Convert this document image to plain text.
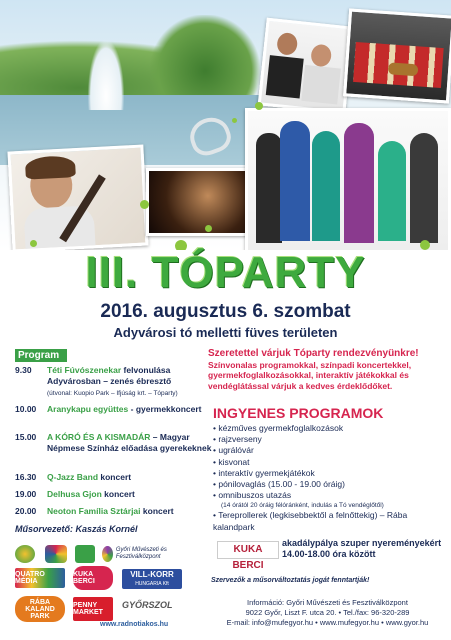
III. TÓPARTY
2016. augusztus 6. szombat
Adyvárosi tó melletti füves területen
Program
9.30 Téti Fúvószenekar felvonulása Adyvárosban – zenés ébresztő
(útvonal: Kuopio Park – Ifjúság krt. – Tóparty)
10.00 Aranykapu együttes - gyermekkoncert
15.00 A KÓRÓ ÉS A KISMADÁR – Magyar Népmese Színház előadása gyerekeknek
16.30 Q-Jazz Band koncert
19.00 Delhusa Gjon koncert
20.00 Neoton Família Sztárjai koncert
Műsorvezető: Kaszás Kornél
Szeretettel várjuk Tóparty rendezvényünkre!
Színvonalas programokkal, színpadi koncertekkel, gyermekfoglalkozásokkal, interaktív játékokkal és vendéglátással várjuk a kedves érdeklődőket.
INGYENES PROGRAMOK
• kézműves gyermekfoglalkozások
• rajzverseny
• ugrálóvár
• kisvonat
• interaktív gyermekjátékok
• pónilovaglás (15.00 - 19.00 óráig)
• omnibuszos utazás
(14 órától 20 óráig félóránként, indulás a Tó vendéglőtől)
• Tereprollerek (legkisebbektől a felnőttekig) – Rába kalandpark
KUKA BERCI
akadálypálya szuper nyereményekért 14.00-18.00 óra között
Szervezők a műsorváltoztatás jogát fenntartják!
Információ: Győri Művészeti és Fesztiválközpont
9022 Győr, Liszt F. utca 20. • Tel./fax: 96-320-289
E-mail: info@mufegyor.hu • www.mufegyor.hu • www.gyor.hu
Győri Művészeti és Fesztiválközpont
QUATRO MÉDIA
KUKA BERCI
VILL-KORR
HUNGARIA Kft
RÁBA KALAND PARK
PENNY MARKET
GYŐRSZOL
www.radnotiakos.hu
